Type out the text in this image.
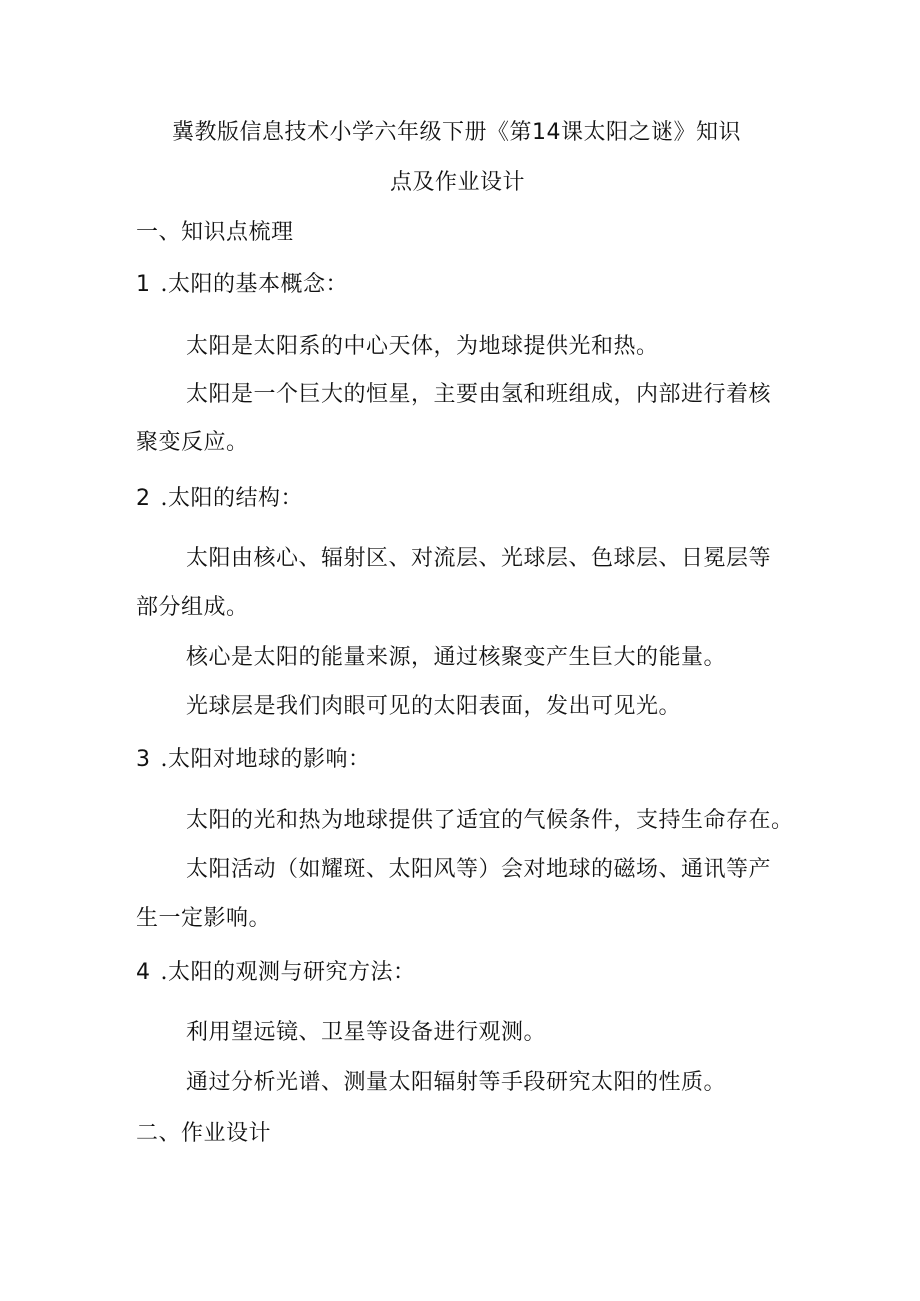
冀教版信息技术小学六年级下册《第14课太阳之谜》知识
点及作业设计
一、知识点梳理
1 .太阳的基本概念：
太阳是太阳系的中心天体，为地球提供光和热。
太阳是一个巨大的恒星，主要由氢和班组成，内部进行着核
聚变反应。
2 .太阳的结构：
太阳由核心、辐射区、对流层、光球层、色球层、日冕层等
部分组成。
核心是太阳的能量来源，通过核聚变产生巨大的能量。
光球层是我们肉眼可见的太阳表面，发出可见光。
3 .太阳对地球的影响：
太阳的光和热为地球提供了适宜的气候条件，支持生命存在。
太阳活动（如耀斑、太阳风等）会对地球的磁场、通讯等产
生一定影响。
4 .太阳的观测与研究方法：
利用望远镜、卫星等设备进行观测。
通过分析光谱、测量太阳辐射等手段研究太阳的性质。
二、作业设计
